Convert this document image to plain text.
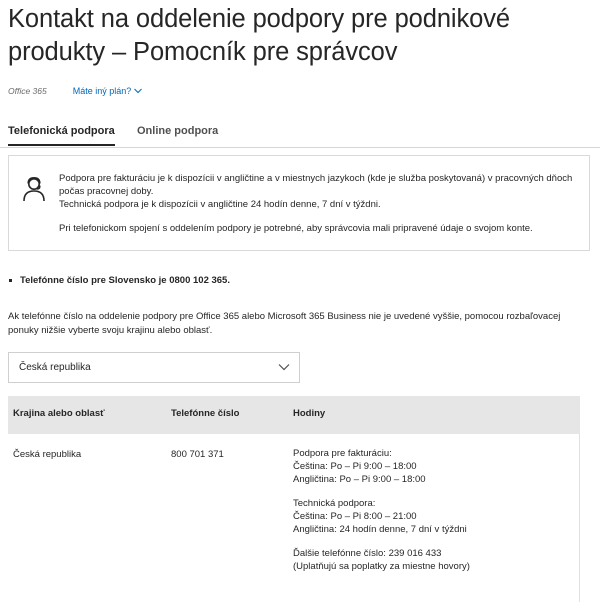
Kontakt na oddelenie podpory pre podnikové produkty – Pomocník pre správcov
Office 365	Máte iný plán?
Telefonická podpora Online podpora

Podpora pre fakturáciu je k dispozícii v angličtine a v miestnych jazykoch (kde je služba poskytovaná) v pracovných dňoch počas pracovnej doby.

Technická podpora je k dispozícii v angličtine 24 hodín denne, 7 dní v týždni.

Pri telefonickom spojení s oddelením podpory je potrebné, aby správcovia mali pripravené údaje o svojom konte.

Telefónne číslo pre Slovensko je 0800 102 365.

Ak telefónne číslo na oddelenie podpory pre Office 365 alebo Microsoft 365 Business nie je uvedené vyššie, pomocou rozbaľovacej ponuky nižšie vyberte svoju krajinu alebo oblasť.

Česká republika
Krajina alebo oblasť	Telefónne číslo	Hodiny
Česká republika	800 701 371	Podpora pre fakturáciu:

Čeština: Po – Pi 9:00 – 18:00

Angličtina: Po – Pi 9:00 – 18:00

Technická podpora:

Čeština: Po – Pi 8:00 – 21:00

Angličtina: 24 hodín denne, 7 dní v týždni

Ďalšie telefónne číslo: 239 016 433

(Uplatňujú sa poplatky za miestne hovory)
